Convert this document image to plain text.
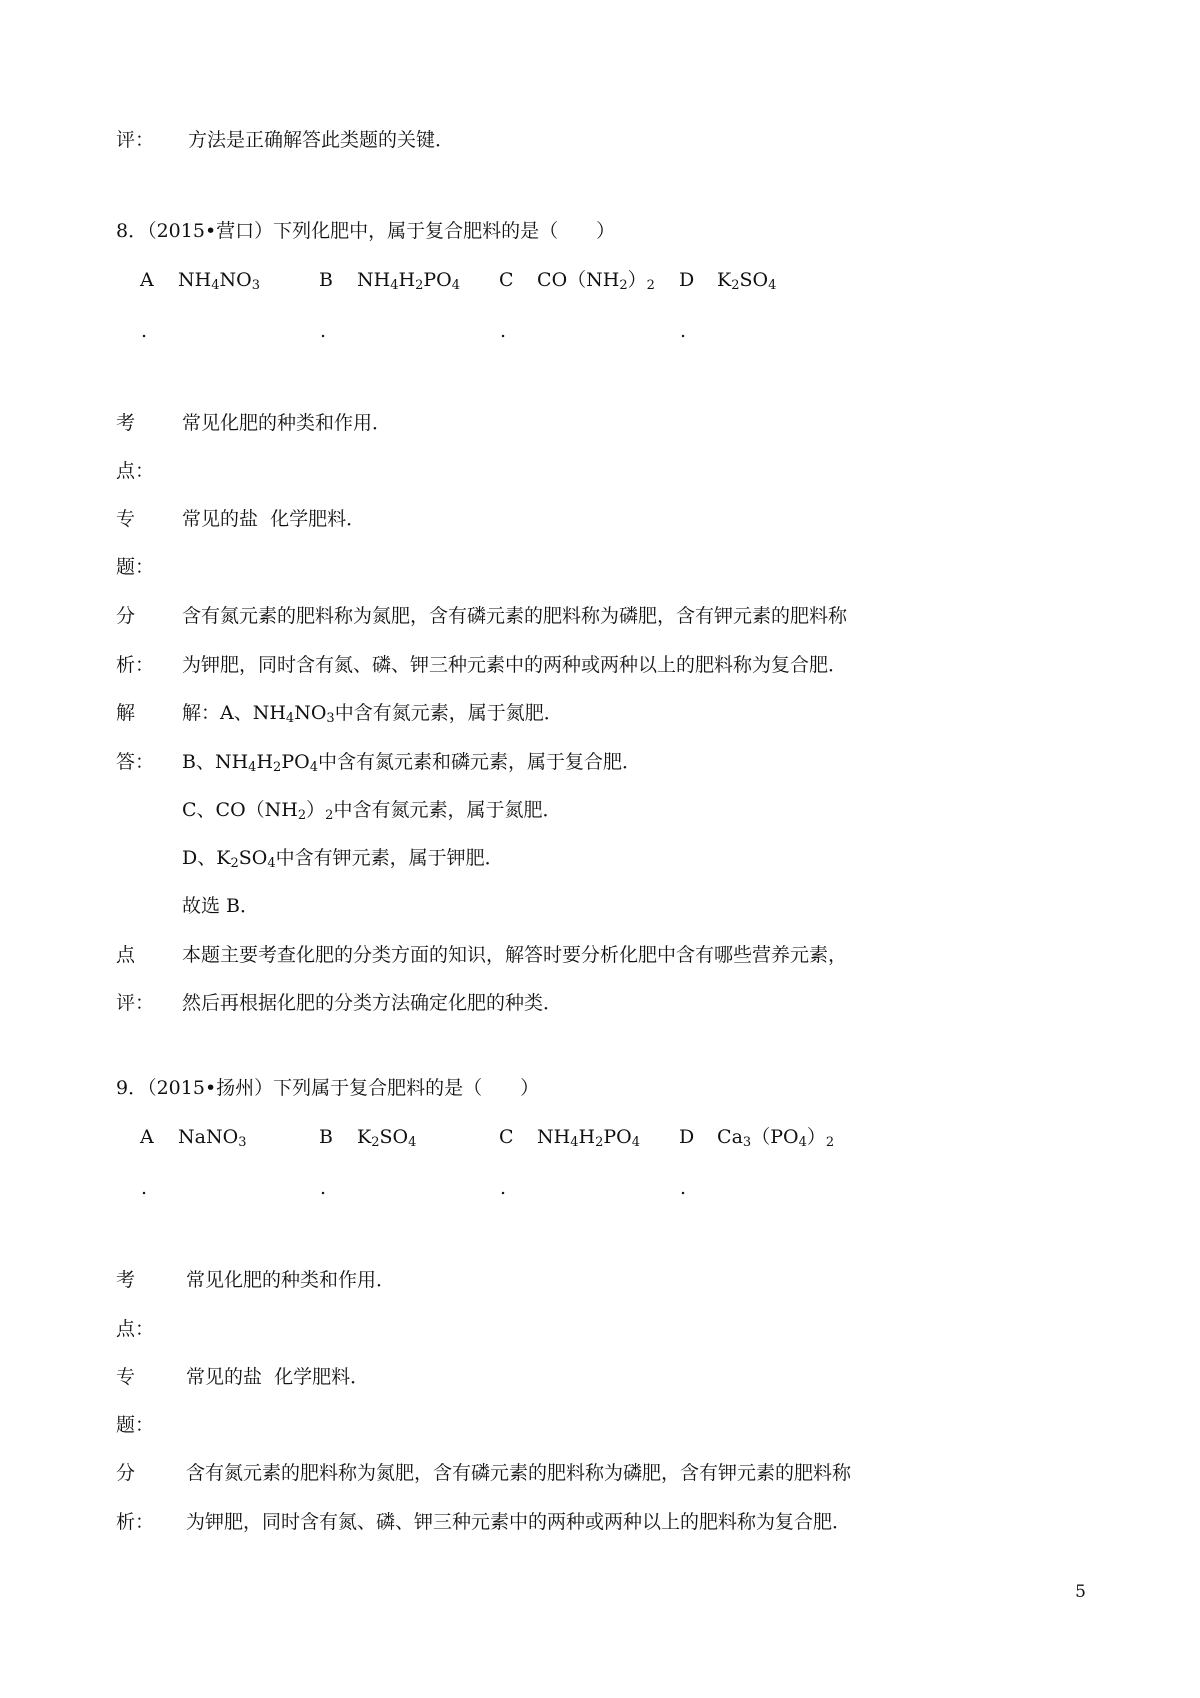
评：	方法是正确解答此类题的关键．
8．（2015•营口）下列化肥中，属于复合肥料的是（　　）
A $NH_4NO_3$	B $NH_4H_2PO_4$ C $CO(NH_2)_2$ D $K_2SO_4$
.	.	.	.
考	常见化肥的种类和作用．
点：
专	常见的盐  化学肥料．
题：
分	含有氮元素的肥料称为氮肥，含有磷元素的肥料称为磷肥，含有钾元素的肥料称
析：	为钾肥，同时含有氮、磷、钾三种元素中的两种或两种以上的肥料称为复合肥．
解	解：A、$NH_4NO_3$中含有氮元素，属于氮肥．
答：	B、$NH_4H_2PO_4$中含有氮元素和磷元素，属于复合肥．
C、$CO(NH_2)_2$中含有氮元素，属于氮肥．
D、$K_2SO_4$中含有钾元素，属于钾肥．
故选 B．
点	本题主要考查化肥的分类方面的知识，解答时要分析化肥中含有哪些营养元素，
评：	然后再根据化肥的分类方法确定化肥的种类．
9．（2015•扬州）下列属于复合肥料的是（　　）
A NaNO$_3$	B $K_2SO_4$	C $NH_4H_2PO_4$ D $Ca_3(PO_4)_2$
.	.	.	.
考	常见化肥的种类和作用．
点：
专	常见的盐  化学肥料．
题：
分	含有氮元素的肥料称为氮肥，含有磷元素的肥料称为磷肥，含有钾元素的肥料称
析：	为钾肥，同时含有氮、磷、钾三种元素中的两种或两种以上的肥料称为复合肥．
5
